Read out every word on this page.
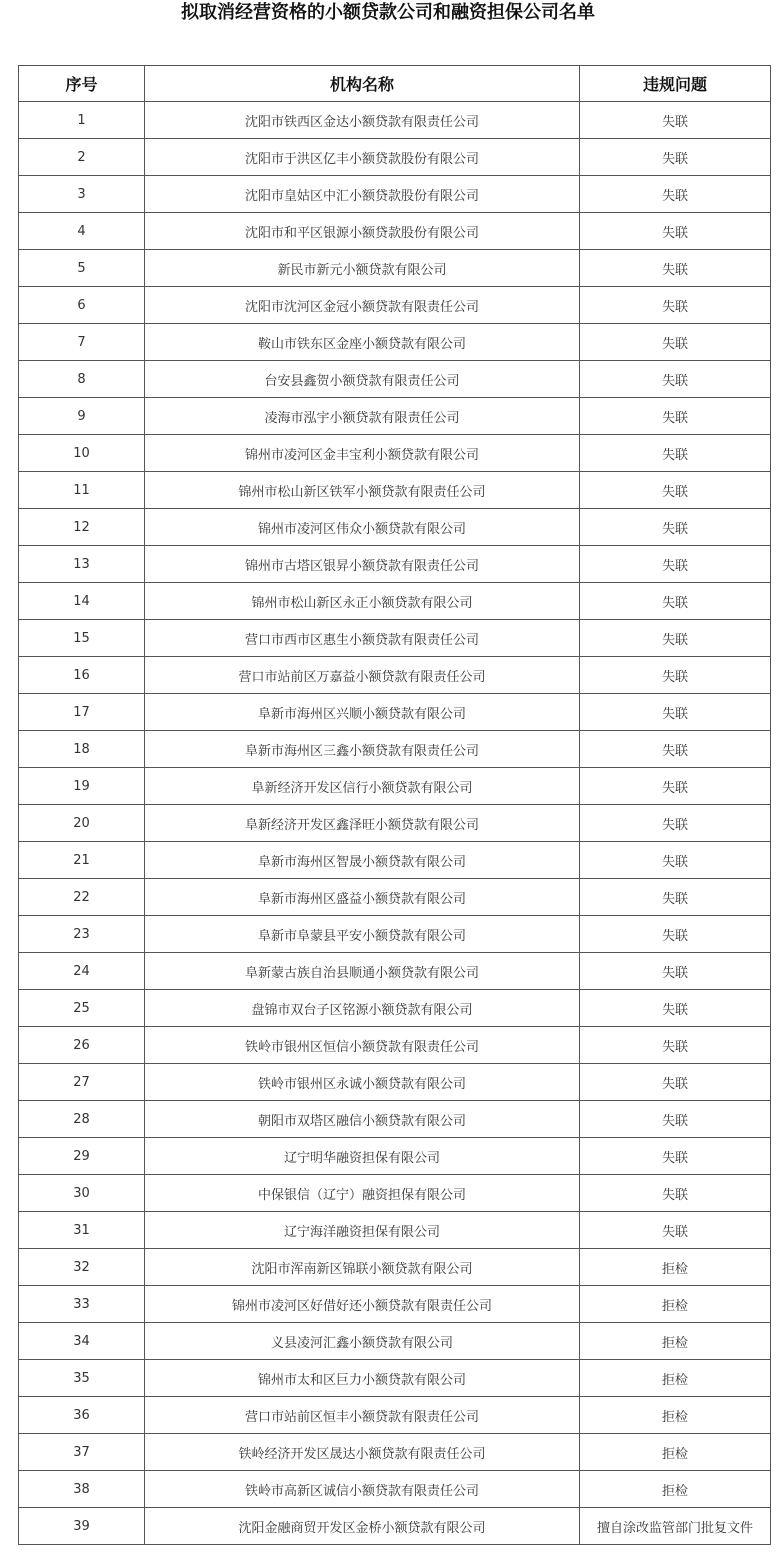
拟取消经营资格的小额贷款公司和融资担保公司名单
序号	机构名称	违规问题
1	沈阳市铁西区金达小额贷款有限责任公司	失联
2	沈阳市于洪区亿丰小额贷款股份有限公司	失联
3	沈阳市皇姑区中汇小额贷款股份有限公司	失联
4	沈阳市和平区银源小额贷款股份有限公司	失联
5	新民市新元小额贷款有限公司	失联
6	沈阳市沈河区金冠小额贷款有限责任公司	失联
7	鞍山市铁东区金座小额贷款有限公司	失联
8	台安县鑫贺小额贷款有限责任公司	失联
9	凌海市泓宇小额贷款有限责任公司	失联
10	锦州市凌河区金丰宝利小额贷款有限公司	失联
11	锦州市松山新区铁军小额贷款有限责任公司	失联
12	锦州市凌河区伟众小额贷款有限公司	失联
13	锦州市古塔区银昇小额贷款有限责任公司	失联
14	锦州市松山新区永正小额贷款有限公司	失联
15	营口市西市区惠生小额贷款有限责任公司	失联
16	营口市站前区万嘉益小额贷款有限责任公司	失联
17	阜新市海州区兴顺小额贷款有限公司	失联
18	阜新市海州区三鑫小额贷款有限责任公司	失联
19	阜新经济开发区信行小额贷款有限公司	失联
20	阜新经济开发区鑫泽旺小额贷款有限公司	失联
21	阜新市海州区智晟小额贷款有限公司	失联
22	阜新市海州区盛益小额贷款有限公司	失联
23	阜新市阜蒙县平安小额贷款有限公司	失联
24	阜新蒙古族自治县顺通小额贷款有限公司	失联
25	盘锦市双台子区铭源小额贷款有限公司	失联
26	铁岭市银州区恒信小额贷款有限责任公司	失联
27	铁岭市银州区永诚小额贷款有限公司	失联
28	朝阳市双塔区融信小额贷款有限公司	失联
29	辽宁明华融资担保有限公司	失联
30	中保银信（辽宁）融资担保有限公司	失联
31	辽宁海洋融资担保有限公司	失联
32	沈阳市浑南新区锦联小额贷款有限公司	拒检
33	锦州市凌河区好借好还小额贷款有限责任公司	拒检
34	义县凌河汇鑫小额贷款有限公司	拒检
35	锦州市太和区巨力小额贷款有限公司	拒检
36	营口市站前区恒丰小额贷款有限责任公司	拒检
37	铁岭经济开发区晟达小额贷款有限责任公司	拒检
38	铁岭市高新区诚信小额贷款有限责任公司	拒检
39	沈阳金融商贸开发区金桥小额贷款有限公司	擅自涂改监管部门批复文件
